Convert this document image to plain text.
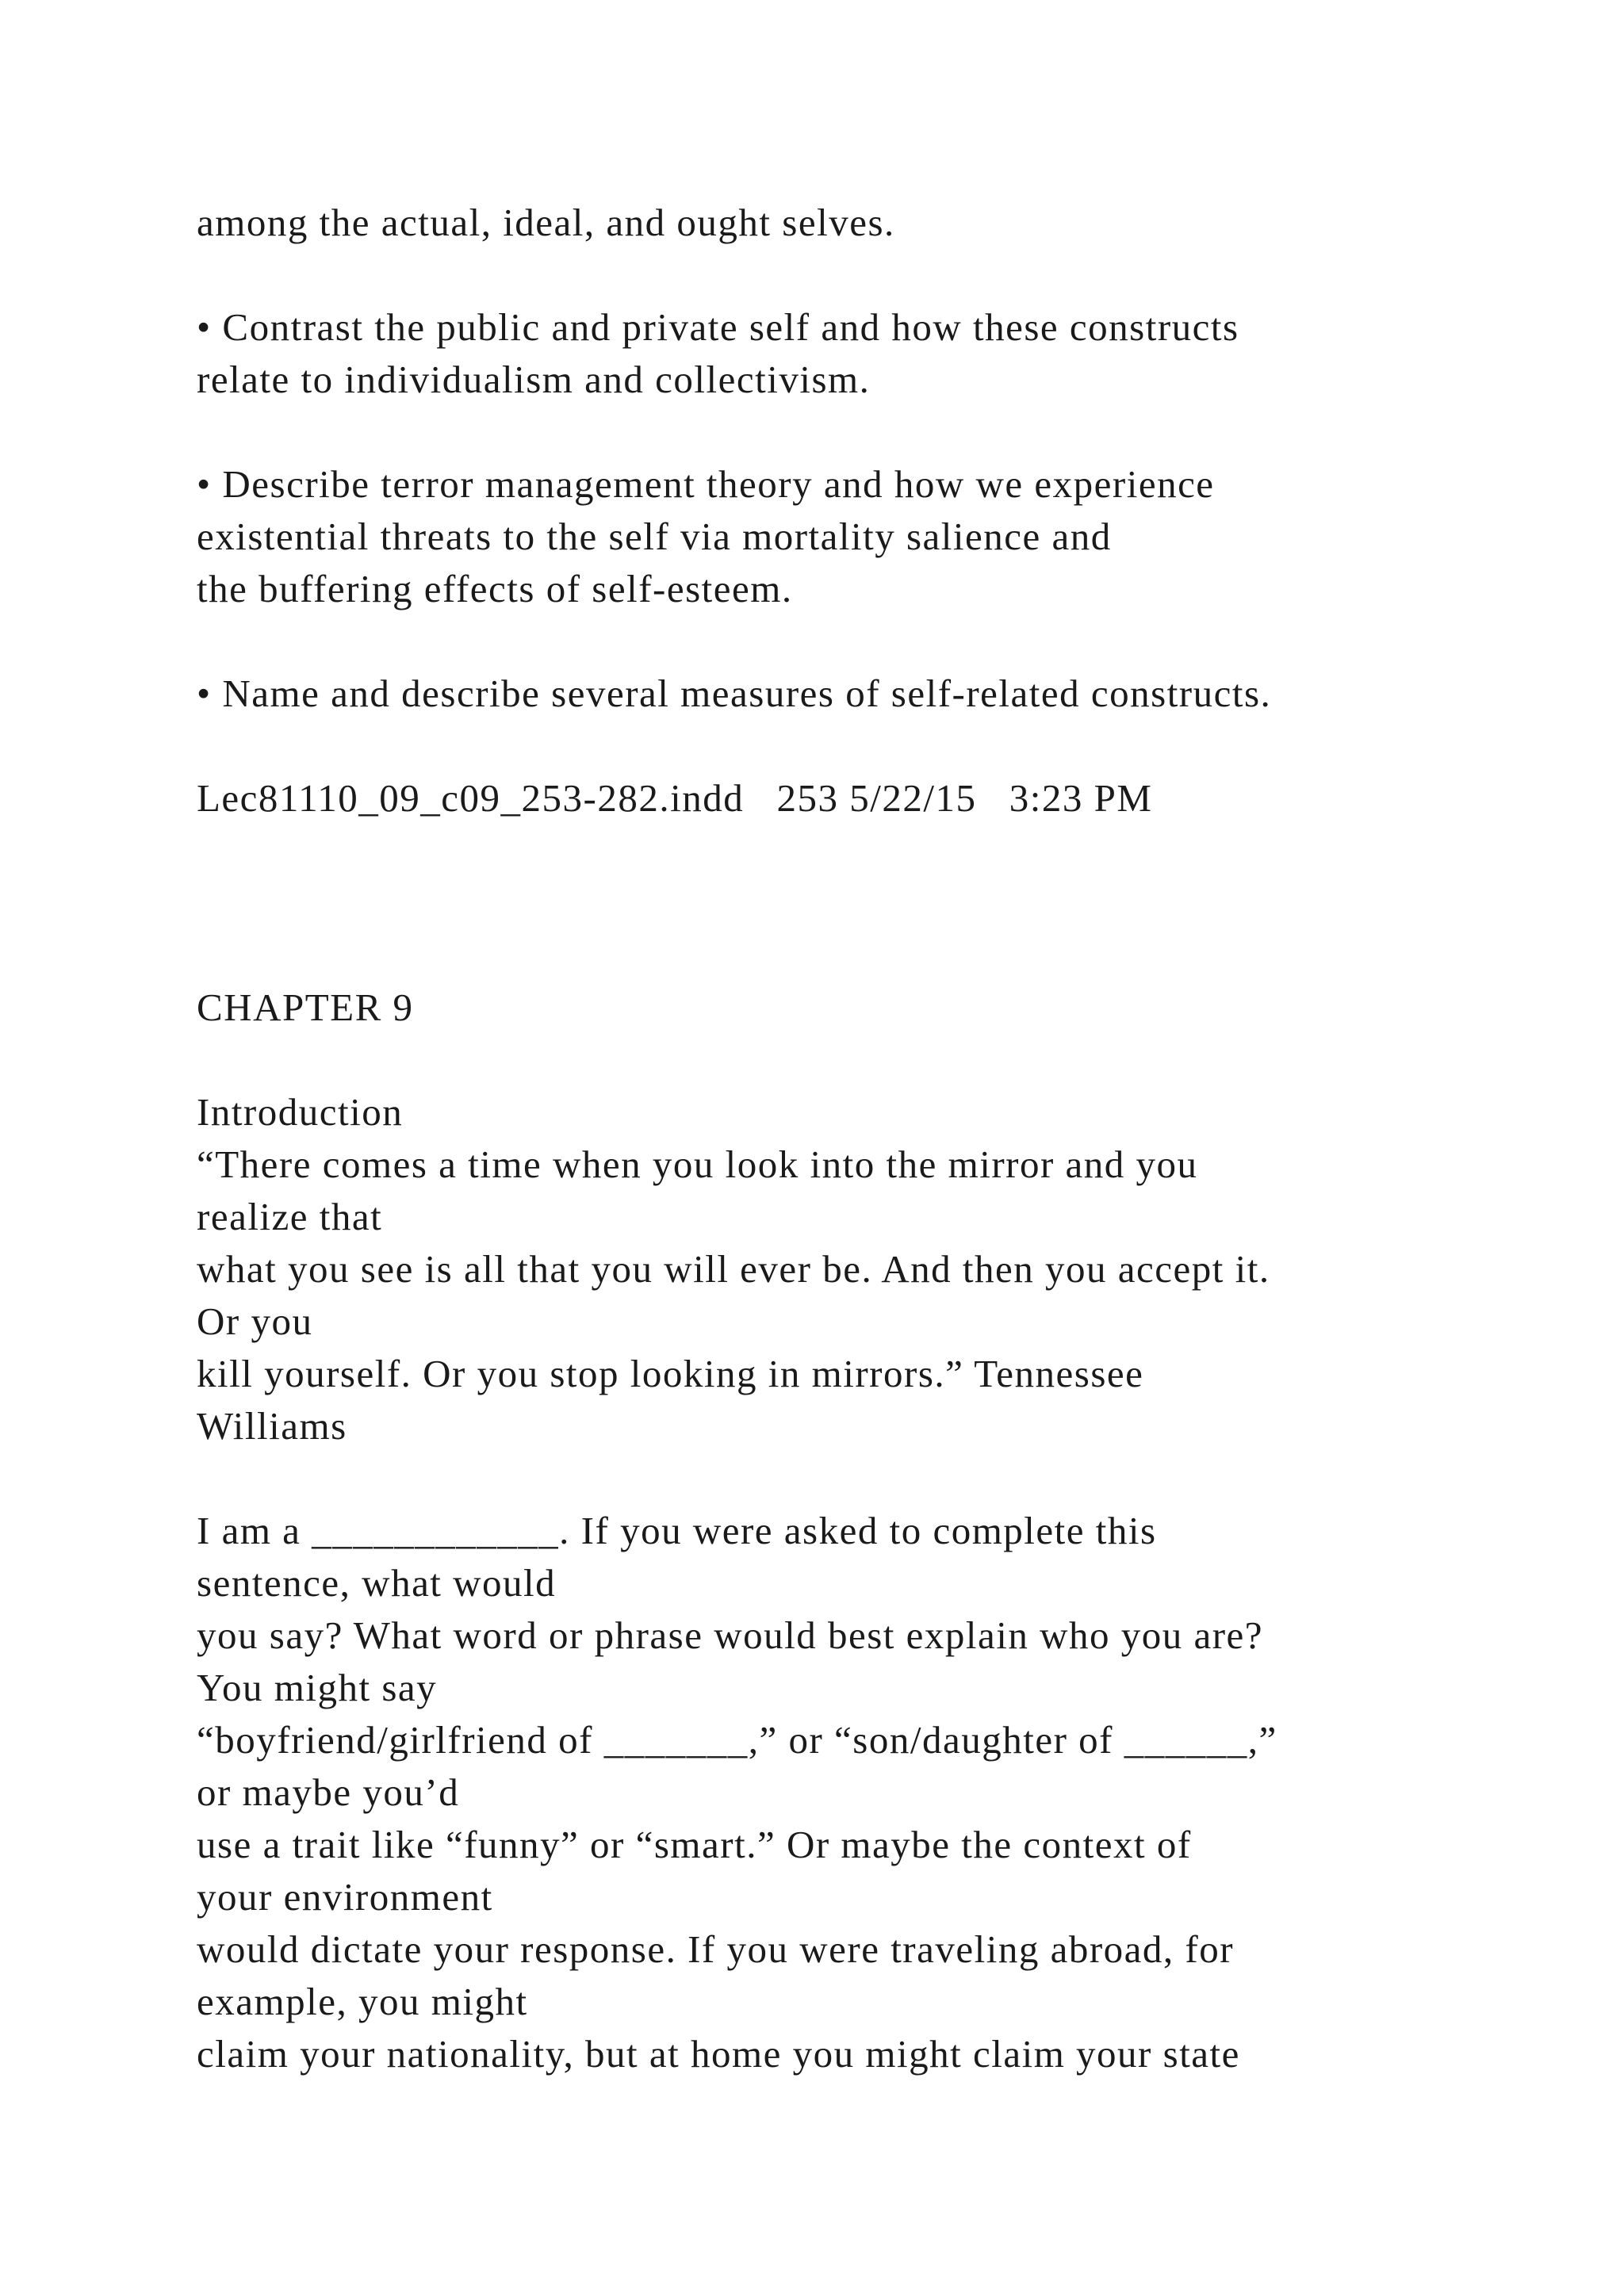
among the actual, ideal, and ought selves.

• Contrast the public and private self and how these constructs

relate to individualism and collectivism.

• Describe terror management theory and how we experience

existential threats to the self via mortality salience and

the buffering effects of self-esteem.

• Name and describe several measures of self-related constructs.

Lec81110_09_c09_253-282.indd   253 5/22/15   3:23 PM

CHAPTER 9

Introduction

“There comes a time when you look into the mirror and you

realize that

what you see is all that you will ever be. And then you accept it.

Or you

kill yourself. Or you stop looking in mirrors.” Tennessee

Williams

I am a ____________. If you were asked to complete this

sentence, what would

you say? What word or phrase would best explain who you are?

You might say

“boyfriend/girlfriend of _______,” or “son/daughter of ______,”

or maybe you’d

use a trait like “funny” or “smart.” Or maybe the context of

your environment

would dictate your response. If you were traveling abroad, for

example, you might

claim your nationality, but at home you might claim your state
